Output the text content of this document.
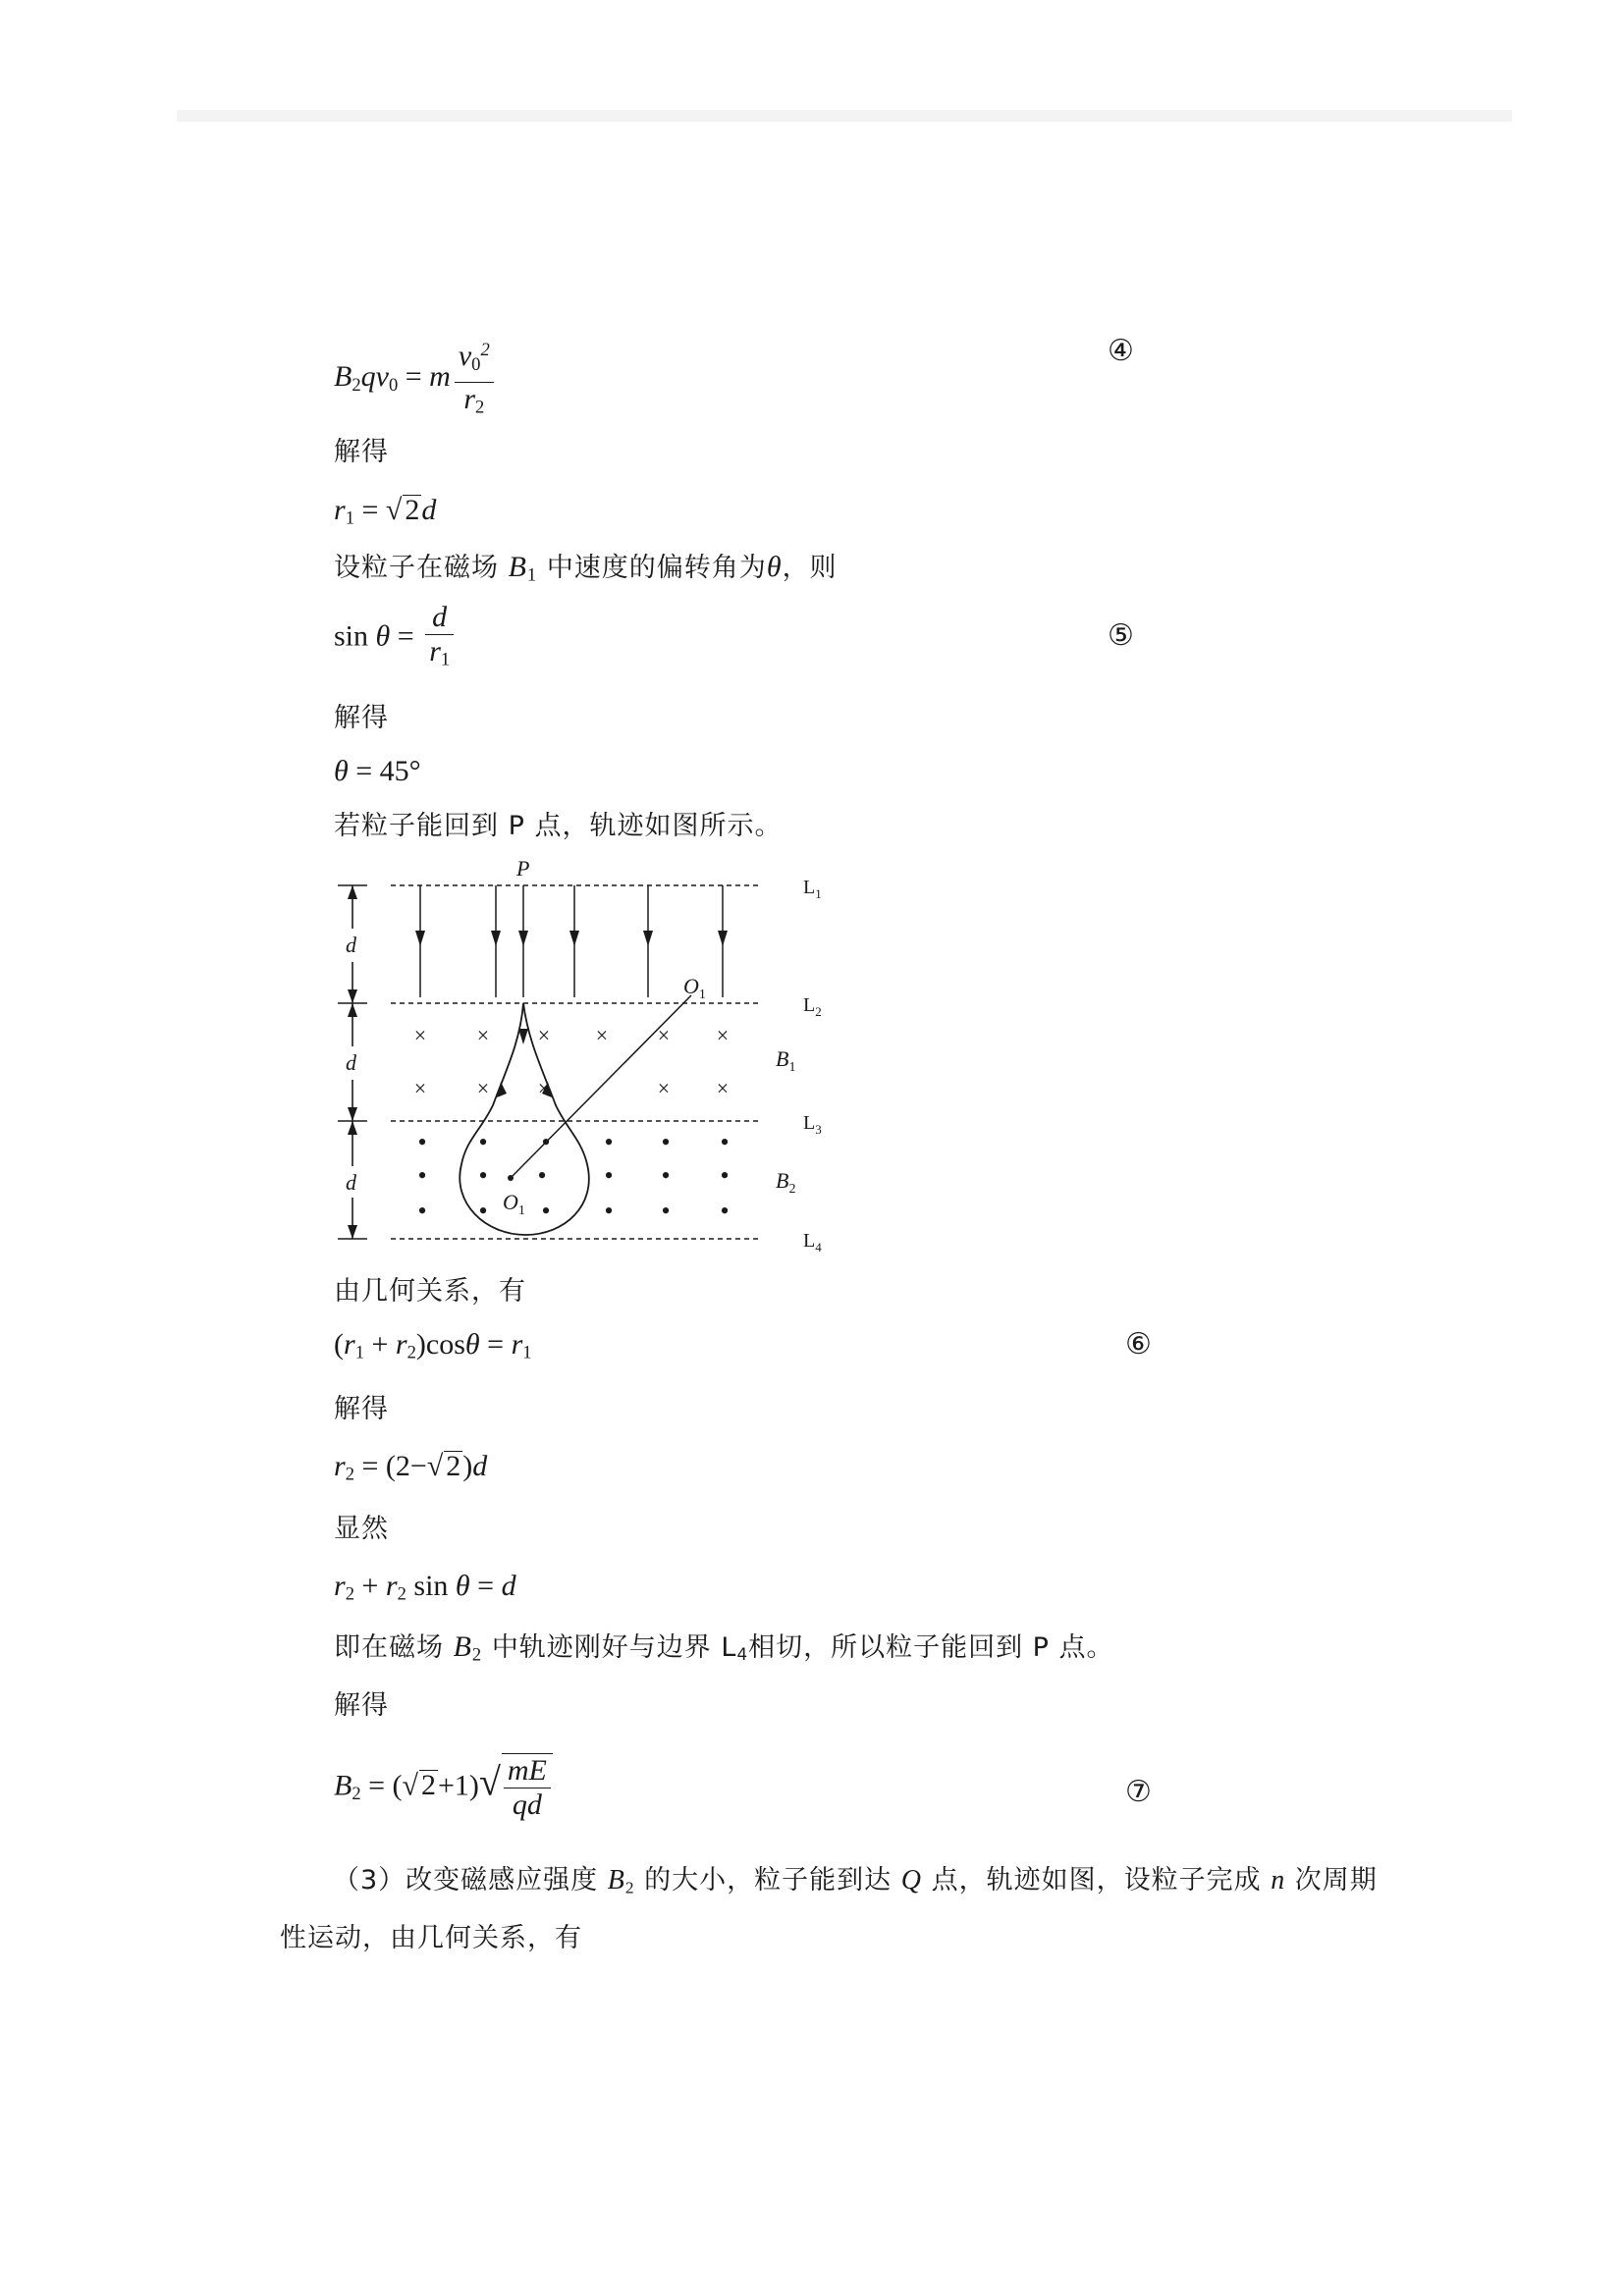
$B_2qv_0 = m \frac{v_0^2}{r_2}$	④
解得
$r_1$ = √ 2d
设粒子在磁场 $B_1$ 中速度的偏转角为θ，则
$\sin \theta = \frac{d}{r_1}$	⑤
解得
θ = 45°
若粒子能回到 P 点，轨迹如图所示。
× × × × × ×
× × ×	× ×
• • • • • •
• • • • • •
• • • • • •
P
$O_1$
$O_1$
$B_1$
$B_2$
d
d
d
$L_1$
$L_2$
$L_3$
$L_4$
由几何关系，有
$(r_1 + r_2)\cos\theta = r_1$	⑥
解得
$r_2 = (2-√$ 2)d
显然
$r_2 + r_2$ sin θ = d
即在磁场 $B_2$ 中轨迹刚好与边界 $L_4$相切，所以粒子能回到 P 点。
解得
$B_2$ = (√ $2+1)√ \frac{mE}{qd}$	⑦
（3）改变磁感应强度 $B_2$ 的大小，粒子能到达 Q 点，轨迹如图，设粒子完成 n 次周期
性运动，由几何关系，有
